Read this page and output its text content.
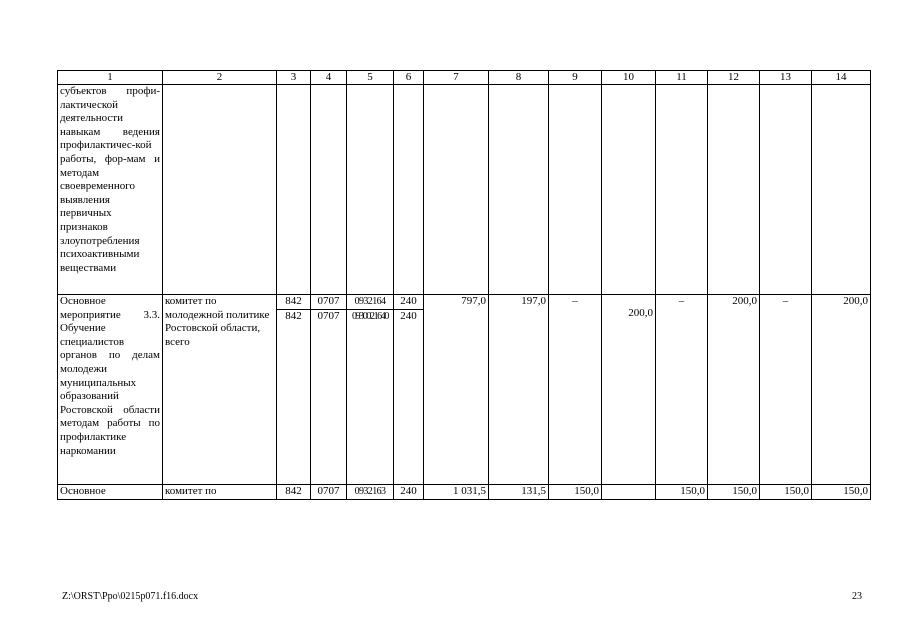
1	2	3	4	5	6	7	8	9	10	11	12	13	14
субъектов профи-лактической деятельности навыкам ведения профилактичес-кой работы, фор-мам и методам своевременного выявления первичных признаков злоупотребления психоактивными веществами													
Основное мероприятие 3.3. Обучение специалистов органов по делам молодежи муниципальных образований Ростовской области методам работы по профилактике наркомании	комитет по молодежной политике Ростовской области, всего	842	0707	0932164	240	797,0	197,0	–	200,0	–	200,0	–	200,0
		842	0707	0930021640	240								
Основное	комитет по	842	0707	0932163	240	1 031,5	131,5	150,0		150,0	150,0	150,0	150,0
Z:\ORST\Ppo\0215p071.f16.docx	23
